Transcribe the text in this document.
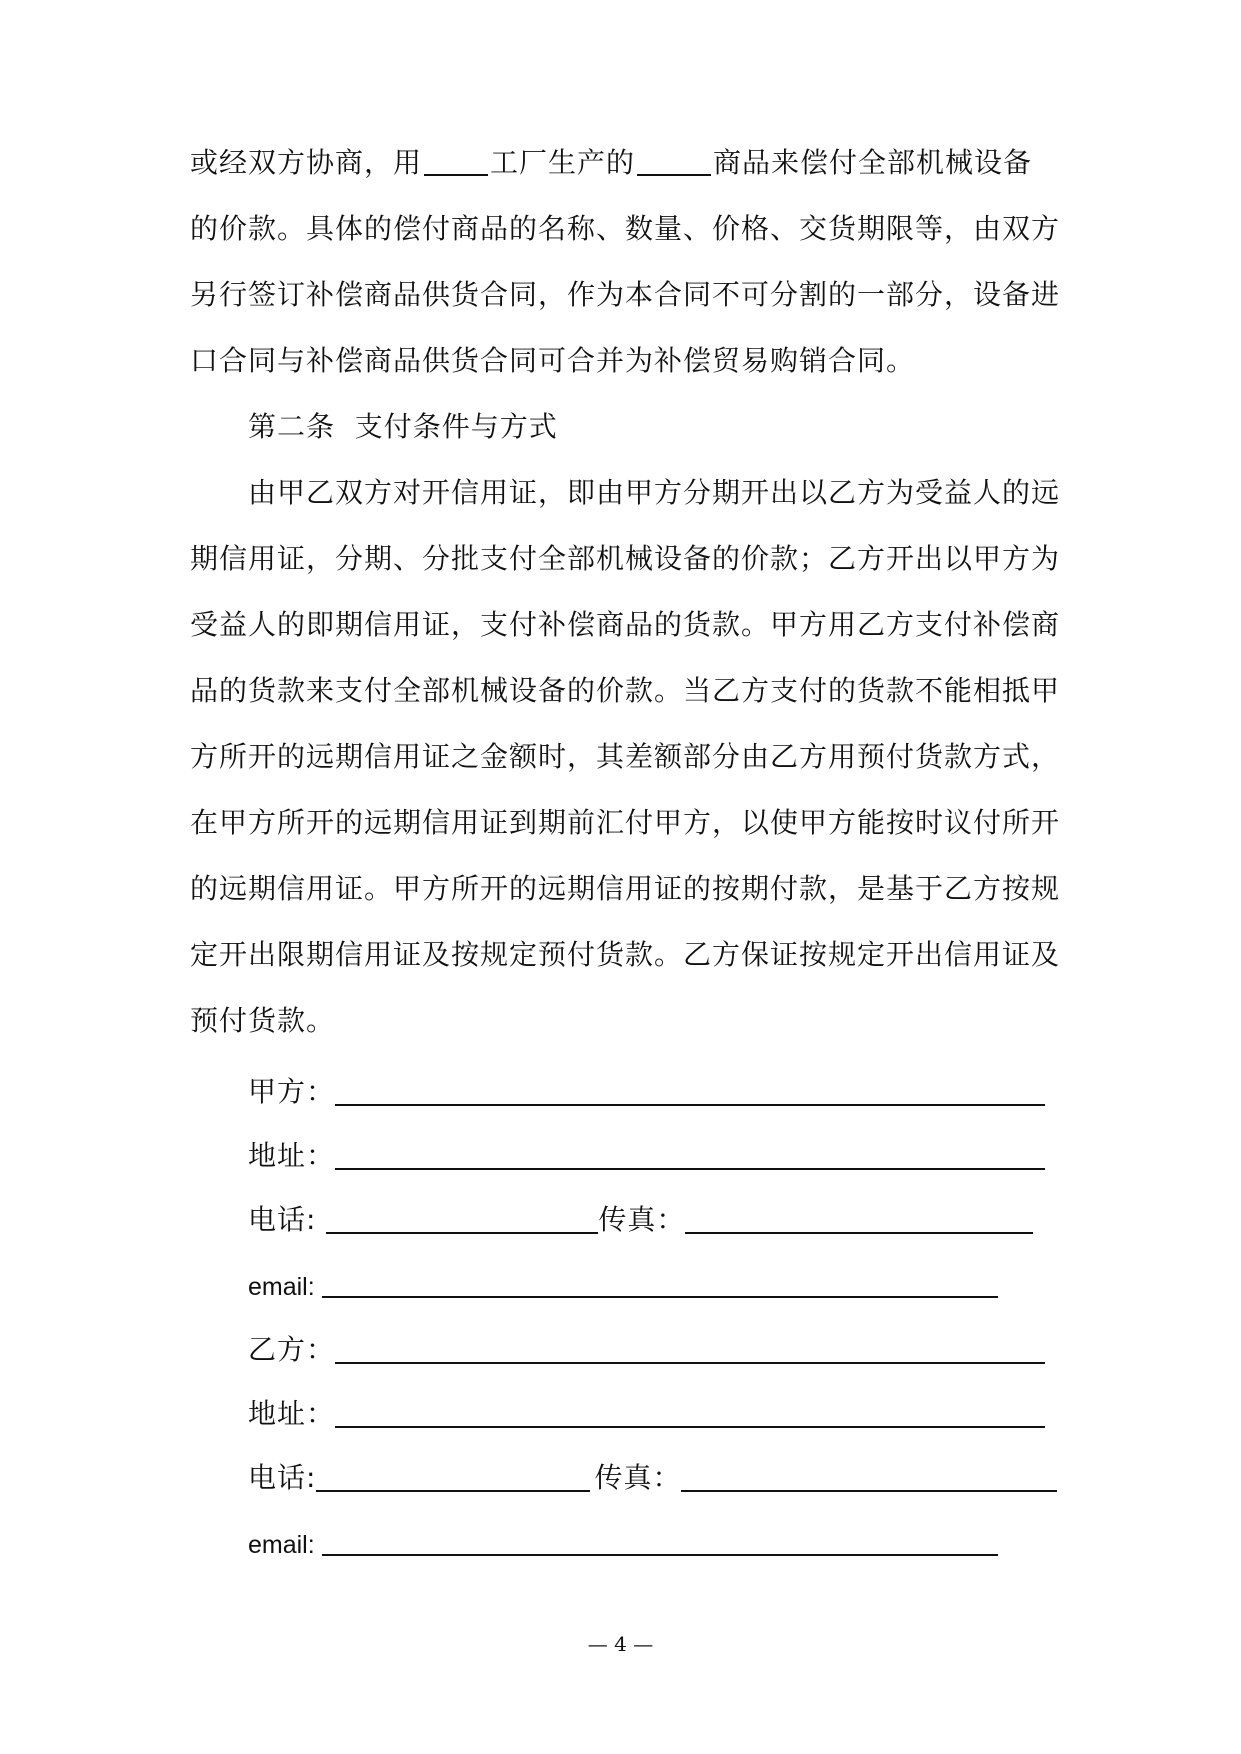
或经双方协商，用 工厂生产的	商品来偿付全部机械设备
的价款。具体的偿付商品的名称、数量、价格、交货期限等，由双方
另行签订补偿商品供货合同，作为本合同不可分割的一部分，设备进
口合同与补偿商品供货合同可合并为补偿贸易购销合同。
第二条  支付条件与方式
由甲乙双方对开信用证，即由甲方分期开出以乙方为受益人的远
期信用证，分期、分批支付全部机械设备的价款；乙方开出以甲方为
受益人的即期信用证，支付补偿商品的货款。甲方用乙方支付补偿商
品的货款来支付全部机械设备的价款。当乙方支付的货款不能相抵甲
方所开的远期信用证之金额时，其差额部分由乙方用预付货款方式，
在甲方所开的远期信用证到期前汇付甲方，以使甲方能按时议付所开
的远期信用证。甲方所开的远期信用证的按期付款，是基于乙方按规
定开出限期信用证及按规定预付货款。乙方保证按规定开出信用证及
预付货款。
甲方：
地址：
电话:	传真：
email:
乙方：
地址：
电话:	传真：
email:
— 4 —
